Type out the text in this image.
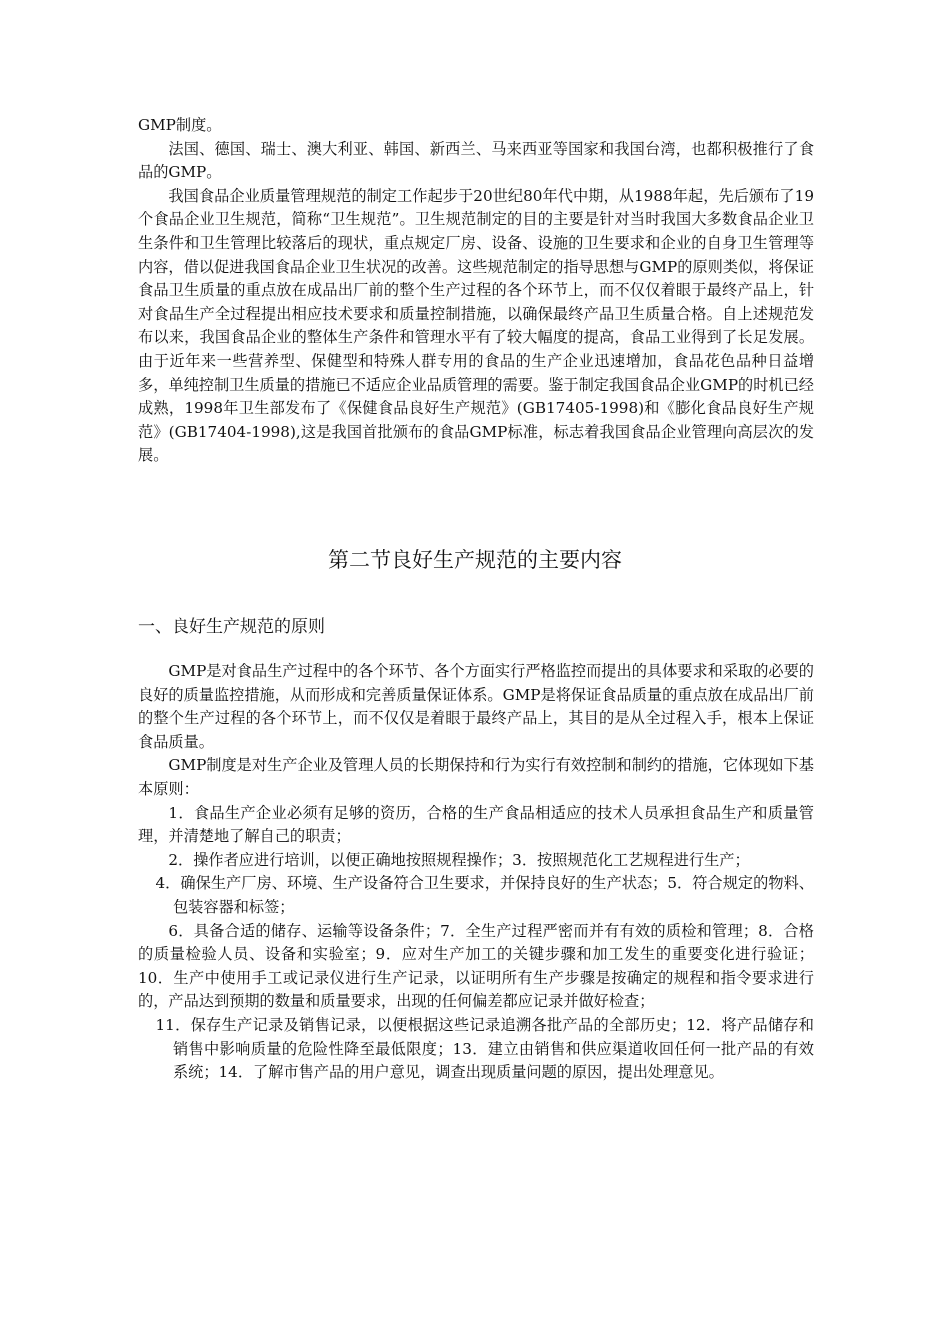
GMP制度。

法国、德国、瑞士、澳大利亚、韩国、新西兰、马来西亚等国家和我国台湾，也都积极推行了食品的GMP。

我国食品企业质量管理规范的制定工作起步于20世纪80年代中期，从1988年起，先后颁布了19个食品企业卫生规范，简称“卫生规范”。卫生规范制定的目的主要是针对当时我国大多数食品企业卫生条件和卫生管理比较落后的现状，重点规定厂房、设备、设施的卫生要求和企业的自身卫生管理等内容，借以促进我国食品企业卫生状况的改善。这些规范制定的指导思想与GMP的原则类似，将保证食品卫生质量的重点放在成品出厂前的整个生产过程的各个环节上，而不仅仅着眼于最终产品上，针对食品生产全过程提出相应技术要求和质量控制措施，以确保最终产品卫生质量合格。自上述规范发布以来，我国食品企业的整体生产条件和管理水平有了较大幅度的提高，食品工业得到了长足发展。由于近年来一些营养型、保健型和特殊人群专用的食品的生产企业迅速增加，食品花色品种日益增多，单纯控制卫生质量的措施已不适应企业品质管理的需要。鉴于制定我国食品企业GMP的时机已经成熟，1998年卫生部发布了《保健食品良好生产规范》(GB17405-1998)和《膨化食品良好生产规范》(GB17404-1998),这是我国首批颁布的食品GMP标准，标志着我国食品企业管理向高层次的发展。

第二节良好生产规范的主要内容
一、良好生产规范的原则

GMP是对食品生产过程中的各个环节、各个方面实行严格监控而提出的具体要求和采取的必要的良好的质量监控措施，从而形成和完善质量保证体系。GMP是将保证食品质量的重点放在成品出厂前的整个生产过程的各个环节上，而不仅仅是着眼于最终产品上，其目的是从全过程入手，根本上保证食品质量。

GMP制度是对生产企业及管理人员的长期保持和行为实行有效控制和制约的措施，它体现如下基本原则：

1．食品生产企业必须有足够的资历，合格的生产食品相适应的技术人员承担食品生产和质量管理，并清楚地了解自己的职责；

2．操作者应进行培训，以便正确地按照规程操作；3．按照规范化工艺规程进行生产；

4．确保生产厂房、环境、生产设备符合卫生要求，并保持良好的生产状态；5．符合规定的物料、包装容器和标签；

6．具备合适的储存、运输等设备条件；7．全生产过程严密而并有有效的质检和管理；8．合格的质量检验人员、设备和实验室；9．应对生产加工的关键步骤和加工发生的重要变化进行验证；10．生产中使用手工或记录仪进行生产记录，以证明所有生产步骤是按确定的规程和指令要求进行的，产品达到预期的数量和质量要求，出现的任何偏差都应记录并做好检查；

11．保存生产记录及销售记录，以便根据这些记录追溯各批产品的全部历史；12．将产品储存和销售中影响质量的危险性降至最低限度；13．建立由销售和供应渠道收回任何一批产品的有效系统；14．了解市售产品的用户意见，调查出现质量问题的原因，提出处理意见。
